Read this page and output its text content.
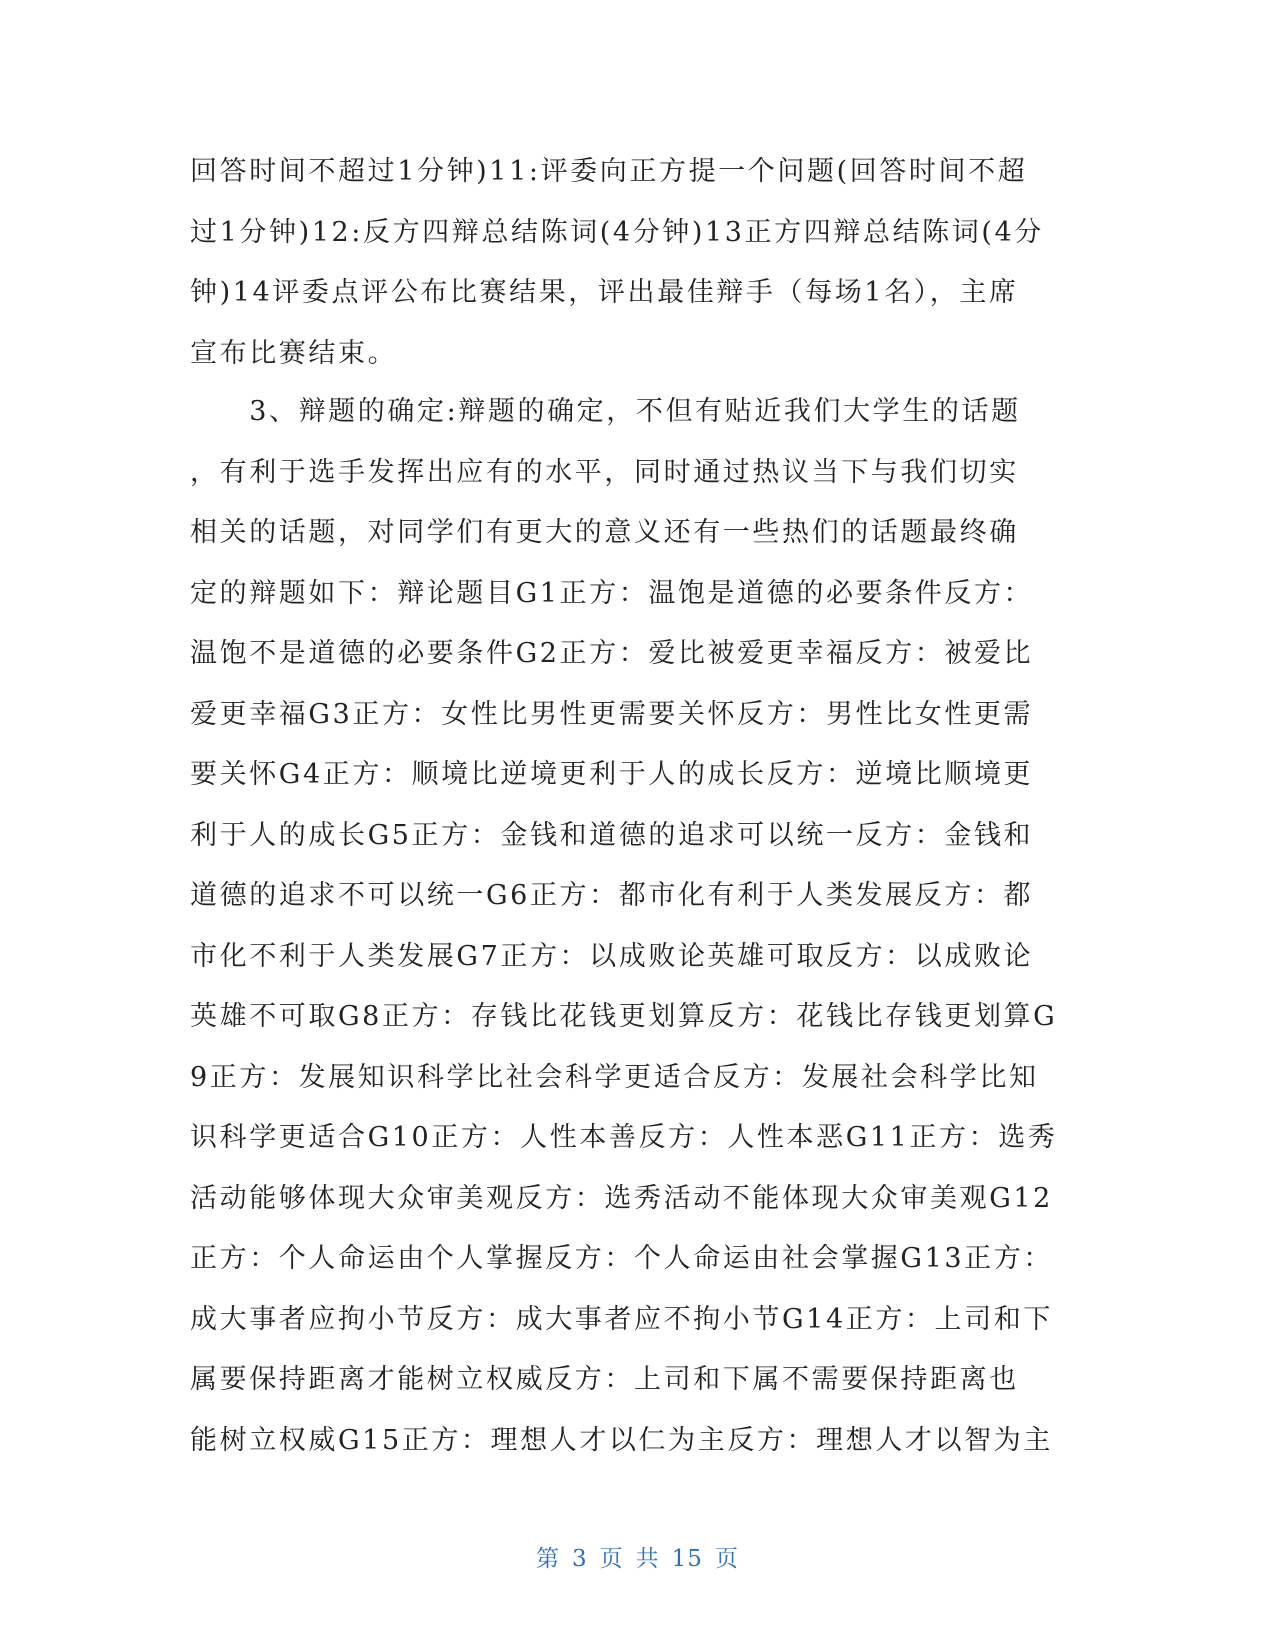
回答时间不超过1分钟)11:评委向正方提一个问题(回答时间不超
过1分钟)12:反方四辩总结陈词(4分钟)13正方四辩总结陈词(4分
钟)14评委点评公布比赛结果，评出最佳辩手（每场1名），主席
宣布比赛结束。
　　3、辩题的确定:辩题的确定，不但有贴近我们大学生的话题
，有利于选手发挥出应有的水平，同时通过热议当下与我们切实
相关的话题，对同学们有更大的意义还有一些热们的话题最终确
定的辩题如下：辩论题目G1正方：温饱是道德的必要条件反方：
温饱不是道德的必要条件G2正方：爱比被爱更幸福反方：被爱比
爱更幸福G3正方：女性比男性更需要关怀反方：男性比女性更需
要关怀G4正方：顺境比逆境更利于人的成长反方：逆境比顺境更
利于人的成长G5正方：金钱和道德的追求可以统一反方：金钱和
道德的追求不可以统一G6正方：都市化有利于人类发展反方：都
市化不利于人类发展G7正方：以成败论英雄可取反方：以成败论
英雄不可取G8正方：存钱比花钱更划算反方：花钱比存钱更划算G
9正方：发展知识科学比社会科学更适合反方：发展社会科学比知
识科学更适合G10正方：人性本善反方：人性本恶G11正方：选秀
活动能够体现大众审美观反方：选秀活动不能体现大众审美观G12
正方：个人命运由个人掌握反方：个人命运由社会掌握G13正方：
成大事者应拘小节反方：成大事者应不拘小节G14正方：上司和下
属要保持距离才能树立权威反方：上司和下属不需要保持距离也
能树立权威G15正方：理想人才以仁为主反方：理想人才以智为主
第 3 页 共 15 页
